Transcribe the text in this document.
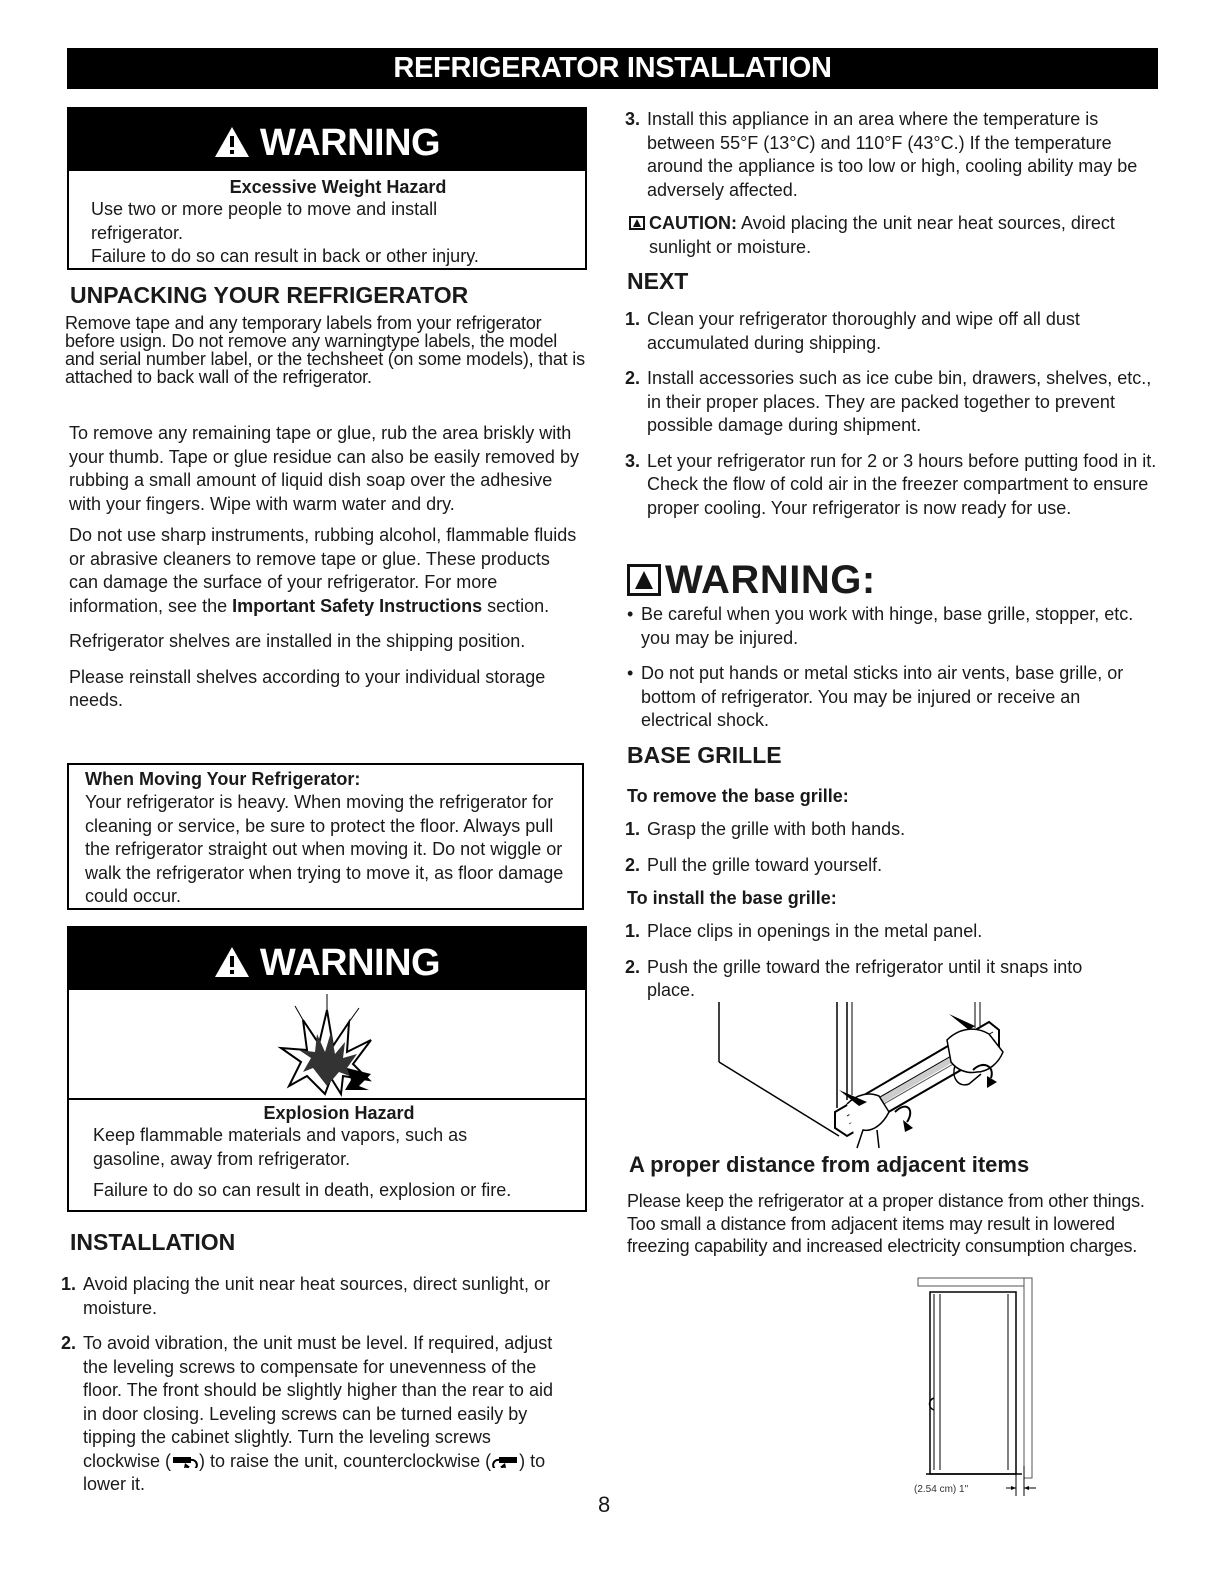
REFRIGERATOR INSTALLATION
WARNING
Excessive Weight Hazard

Use two or more people to move and install refrigerator.

Failure to do so can result in back or other injury.

UNPACKING YOUR REFRIGERATOR

Remove tape and any temporary labels from your refrigerator before usign. Do not remove any warningtype labels, the model and serial number label, or the techsheet (on some models), that is attached to back wall of the refrigerator.

To remove any remaining tape or glue, rub the area briskly with your thumb. Tape or glue residue can also be easily removed by rubbing a small amount of liquid dish soap over the adhesive with your fingers. Wipe with warm water and dry.

Do not use sharp instruments, rubbing alcohol, flammable fluids or abrasive cleaners to remove tape or glue. These products can damage the surface of your refrigerator. For more information, see the Important Safety Instructions section.

Refrigerator shelves are installed in the shipping position.

Please reinstall shelves according to your individual storage needs.

When Moving Your Refrigerator:

Your refrigerator is heavy. When moving the refrigerator for cleaning or service, be sure to protect the floor. Always pull the refrigerator straight out when moving it. Do not wiggle or walk the refrigerator when trying to move it, as floor damage could occur.

WARNING
Explosion Hazard

Keep flammable materials and vapors, such as gasoline, away from refrigerator.

Failure to do so can result in death, explosion or fire.

INSTALLATION
1. Avoid placing the unit near heat sources, direct sunlight, or moisture.
2. To avoid vibration, the unit must be level. If required, adjust the leveling screws to compensate for unevenness of the floor. The front should be slightly higher than the rear to aid in door closing. Leveling screws can be turned easily by tipping the cabinet slightly. Turn the leveling screws clockwise ( ) to raise the unit, counterclockwise ( ) to lower it.
3. Install this appliance in an area where the temperature is between 55°F (13°C) and 110°F (43°C.) If the temperature around the appliance is too low or high, cooling ability may be adversely affected.

CAUTION: Avoid placing the unit near heat sources, direct sunlight or moisture.

NEXT
1. Clean your refrigerator thoroughly and wipe off all dust accumulated during shipping.
2. Install accessories such as ice cube bin, drawers, shelves, etc., in their proper places. They are packed together to prevent possible damage during shipment.
3. Let your refrigerator run for 2 or 3 hours before putting food in it. Check the flow of cold air in the freezer compartment to ensure proper cooling. Your refrigerator is now ready for use.
WARNING:
• Be careful when you work with hinge, base grille, stopper, etc. you may be injured.
• Do not put hands or metal sticks into air vents, base grille, or bottom of refrigerator. You may be injured or receive an electrical shock.
BASE GRILLE
To remove the base grille:
1. Grasp the grille with both hands.
2. Pull the grille toward yourself.
To install the base grille:
1. Place clips in openings in the metal panel.
2. Push the grille toward the refrigerator until it snaps into place.
A proper distance from adjacent items

Please keep the refrigerator at a proper distance from other things. Too small a distance from adjacent items may result in lowered freezing capability and increased electricity consumption charges.

(2.54 cm) 1"
8
